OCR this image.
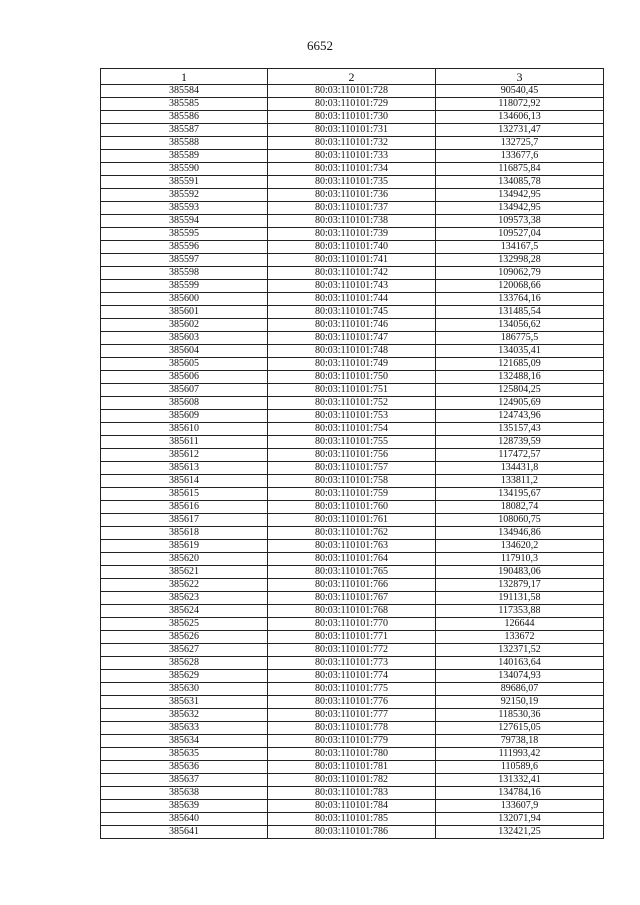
6652
1	2	3
385584	80:03:110101:728	90540,45
385585	80:03:110101:729	118072,92
385586	80:03:110101:730	134606,13
385587	80:03:110101:731	132731,47
385588	80:03:110101:732	132725,7
385589	80:03:110101:733	133677,6
385590	80:03:110101:734	116875,84
385591	80:03:110101:735	134085,78
385592	80:03:110101:736	134942,95
385593	80:03:110101:737	134942,95
385594	80:03:110101:738	109573,38
385595	80:03:110101:739	109527,04
385596	80:03:110101:740	134167,5
385597	80:03:110101:741	132998,28
385598	80:03:110101:742	109062,79
385599	80:03:110101:743	120068,66
385600	80:03:110101:744	133764,16
385601	80:03:110101:745	131485,54
385602	80:03:110101:746	134056,62
385603	80:03:110101:747	186775,5
385604	80:03:110101:748	134035,41
385605	80:03:110101:749	121685,09
385606	80:03:110101:750	132488,16
385607	80:03:110101:751	125804,25
385608	80:03:110101:752	124905,69
385609	80:03:110101:753	124743,96
385610	80:03:110101:754	135157,43
385611	80:03:110101:755	128739,59
385612	80:03:110101:756	117472,57
385613	80:03:110101:757	134431,8
385614	80:03:110101:758	133811,2
385615	80:03:110101:759	134195,67
385616	80:03:110101:760	18082,74
385617	80:03:110101:761	108060,75
385618	80:03:110101:762	134946,86
385619	80:03:110101:763	134620,2
385620	80:03:110101:764	117910,3
385621	80:03:110101:765	190483,06
385622	80:03:110101:766	132879,17
385623	80:03:110101:767	191131,58
385624	80:03:110101:768	117353,88
385625	80:03:110101:770	126644
385626	80:03:110101:771	133672
385627	80:03:110101:772	132371,52
385628	80:03:110101:773	140163,64
385629	80:03:110101:774	134074,93
385630	80:03:110101:775	89686,07
385631	80:03:110101:776	92150,19
385632	80:03:110101:777	118530,36
385633	80:03:110101:778	127615,05
385634	80:03:110101:779	79738,18
385635	80:03:110101:780	111993,42
385636	80:03:110101:781	110589,6
385637	80:03:110101:782	131332,41
385638	80:03:110101:783	134784,16
385639	80:03:110101:784	133607,9
385640	80:03:110101:785	132071,94
385641	80:03:110101:786	132421,25
